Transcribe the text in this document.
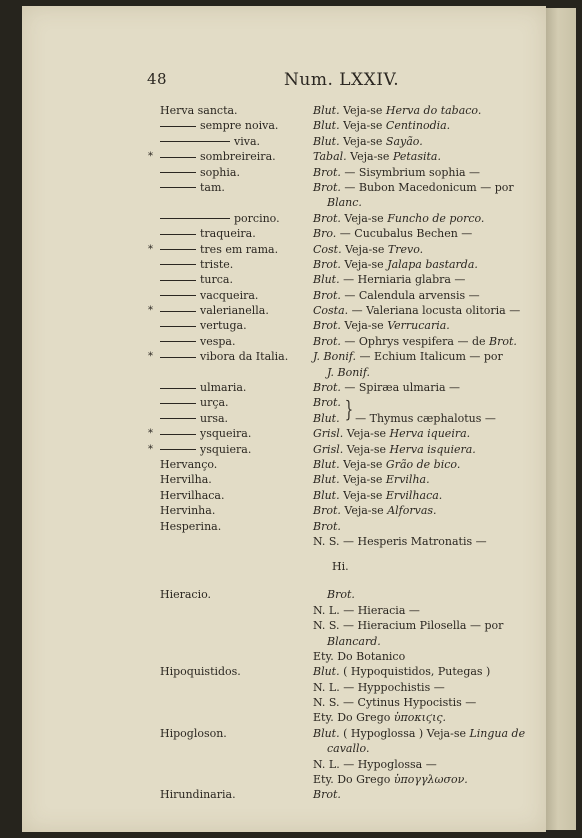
48	Num. LXXIV.
Herva sancta.	Blut. Veja-se Herva do tabaco.
sempre noiva.	Blut. Veja-se Centinodia.
viva.	Blut. Veja-se Sayão.
*	sombreireira.	Tabal. Veja-se Petasita.
sophia.	Brot. — Sisymbrium sophia —
tam.	Brot. — Bubon Macedonicum — por
Blanc.
porcino.	Brot. Veja-se Funcho de porco.
traqueira.	Bro. — Cucubalus Bechen —
*	tres em rama.	Cost. Veja-se Trevo.
triste.	Brot. Veja-se Jalapa bastarda.
turca.	Blut. — Herniaria glabra —
vacqueira.	Brot. — Calendula arvensis —
*	valerianella.	Costa. — Valeriana locusta olitoria —
vertuga.	Brot. Veja-se Verrucaria.
vespa.	Brot. — Ophrys vespifera — de Brot.
*	vibora da Italia. J. Bonif. — Echium Italicum — por
J. Bonif.
ulmaria.	Brot. — Spiræa ulmaria —
urça.	Brot.
ursa.	Blut. — Thymus cæphalotus —
}
*	ysqueira.	Grisl. Veja-se Herva iqueira.
*	ysquiera.	Grisl. Veja-se Herva isquiera.
Hervanço.	Blut. Veja-se Grão de bico.
Hervilha.	Blut. Veja-se Ervilha.
Hervilhaca.	Blut. Veja-se Ervilhaca.
Hervinha.	Brot. Veja-se Alforvas.
Hesperina.	Brot.
N. S. — Hesperis Matronatis —
Hi.
Hieracio.	Brot.
N. L. — Hieracia —
N. S. — Hieracium Pilosella — por
Blancard.
Ety. Do Botanico
Hipoquistidos.	Blut. ( Hypoquistidos, Putegas )
N. L. — Hyppochistis —
N. S. — Cytinus Hypocistis —
Ety. Do Grego ὑποκιϛις.
Hipogloson.	Blut. ( Hypoglossa ) Veja-se Lingua de
cavallo.
N. L. — Hypoglossa —
Ety. Do Grego ὑπογγλωσον.
Hirundinaria.	Brot.
